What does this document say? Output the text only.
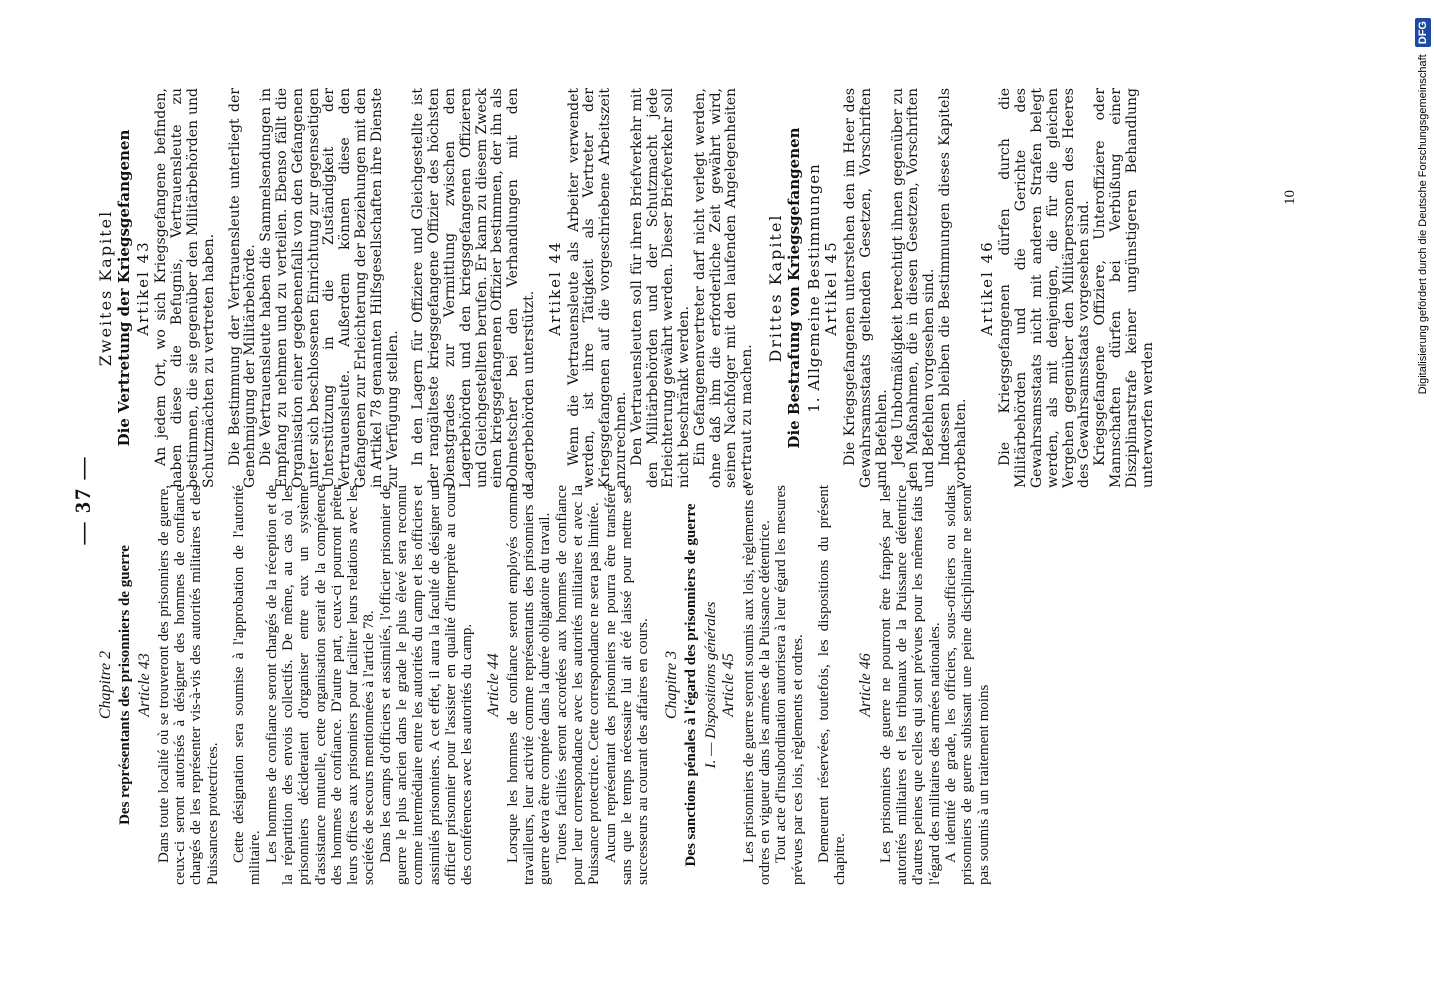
— 37 —
Chapitre 2 Des représentants des prisonniers de guerre Article 43 Dans toute localité où se trouveront des prisonniers de guerre, ceux-ci seront autorisés à désigner des hommes de confiance chargés de les représenter vis-à-vis des autorités militaires et des Puissances protectrices. Cette désignation sera soumise à l'approbation de l'autorité militaire. Les hommes de confiance seront chargés de la réception et de la répartition des envois collectifs. De même, au cas où les prisonniers décideraient d'organiser entre eux un système d'assistance mutuelle, cette organisation serait de la compétence des hommes de confiance. D'autre part, ceux-ci pourront prêter leurs offices aux prisonniers pour faciliter leurs relations avec les sociétés de secours mentionnées à l'article 78. Dans les camps d'officiers et assimilés, l'officier prisonnier de guerre le plus ancien dans le grade le plus élevé sera reconnu comme intermédiaire entre les autorités du camp et les officiers et assimilés prisonniers. A cet effet, il aura la faculté de désigner un officier prisonnier pour l'assister en qualité d'interprète au cours des conférences avec les autorités du camp. Article 44 Lorsque les hommes de confiance seront employés comme travailleurs, leur activité comme représentants des prisonniers de guerre devra être comptée dans la durée obligatoire du travail. Toutes facilités seront accordées aux hommes de confiance pour leur correspondance avec les autorités militaires et avec la Puissance protectrice. Cette correspondance ne sera pas limitée. Aucun représentant des prisonniers ne pourra être transféré sans que le temps nécessaire lui ait été laissé pour mettre ses successeurs au courant des affaires en cours. Chapitre 3 Des sanctions pénales à l'égard des prisonniers de guerre I. — Dispositions générales Article 45 Les prisonniers de guerre seront soumis aux lois, règlements et ordres en vigueur dans les armées de la Puissance détentrice. Tout acte d'insubordination autorisera à leur égard les mesures prévues par ces lois, règlements et ordres. Demeurent réservées, toutefois, les dispositions du présent chapitre.

Article 46 Les prisonniers de guerre ne pourront être frappés par les autorités militaires et les tribunaux de la Puissance détentrice d'autres peines que celles qui sont prévues pour les mêmes faits à l'égard des militaires des armées nationales. A identité de grade, les officiers, sous-officiers ou soldats prisonniers de guerre subissant une peine disciplinaire ne seront pas soumis à un traitement moins

Zweites Kapitel Die Vertretung der Kriegsgefangenen Artikel 43 An jedem Ort, wo sich Kriegsgefangene befinden, haben diese die Befugnis, Vertrauensleute zu bestimmen, die sie gegenüber den Militärbehörden und Schutzmächten zu vertreten haben. Die Bestimmung der Vertrauensleute unterliegt der Genehmigung der Militärbehörde. Die Vertrauensleute haben die Sammelsendungen in Empfang zu nehmen und zu verteilen. Ebenso fällt die Organisation einer gegebenenfalls von den Gefangenen unter sich beschlossenen Einrichtung zur gegenseitigen Unterstützung in die Zuständigkeit der Vertrauensleute. Außerdem können diese den Gefangenen zur Erleichterung der Beziehungen mit den in Artikel 78 genannten Hilfsgesellschaften ihre Dienste zur Verfügung stellen. In den Lagern für Offiziere und Gleichgestellte ist der rangälteste kriegsgefangene Offizier des höchsten Dienstgrades zur Vermittlung zwischen den Lagerbehörden und den kriegsgefangenen Offizieren und Gleichgestellten berufen. Er kann zu diesem Zweck einen kriegsgefangenen Offizier bestimmen, der ihn als Dolmetscher bei den Verhandlungen mit den Lagerbehörden unterstützt.

Artikel 44 Wenn die Vertrauensleute als Arbeiter verwendet werden, ist ihre Tätigkeit als Vertreter der Kriegsgefangenen auf die vorgeschriebene Arbeitszeit anzurechnen. Den Vertrauensleuten soll für ihren Briefverkehr mit den Militärbehörden und der Schutzmacht jede Erleichterung gewährt werden. Dieser Briefverkehr soll nicht beschränkt werden. Ein Gefangenenvertreter darf nicht verlegt werden, ohne daß ihm die erforderliche Zeit gewährt wird, seinen Nachfolger mit den laufenden Angelegenheiten vertraut zu machen.

Drittes Kapitel Die Bestrafung von Kriegsgefangenen 1. Allgemeine Bestimmungen Artikel 45 Die Kriegsgefangenen unterstehen den im Heer des Gewahrsamsstaats geltenden Gesetzen, Vorschriften und Befehlen. Jede Unbotmäßigkeit berechtigt ihnen gegenüber zu den Maßnahmen, die in diesen Gesetzen, Vorschriften und Befehlen vorgesehen sind. Indessen bleiben die Bestimmungen dieses Kapitels vorbehalten.

Artikel 46 Die Kriegsgefangenen dürfen durch die Militärbehörden und die Gerichte des Gewahrsamsstaats nicht mit anderen Strafen belegt werden, als mit denjenigen, die für die gleichen Vergehen gegenüber den Militärpersonen des Heeres des Gewahrsamsstaats vorgesehen sind. Kriegsgefangene Offiziere, Unteroffiziere oder Mannschaften dürfen bei Verbüßung einer Disziplinarstrafe keiner ungünstigeren Behandlung unterworfen werden

10	Digitalisierung gefördert durch die Deutsche Forschungsgemeinschaft DFG
